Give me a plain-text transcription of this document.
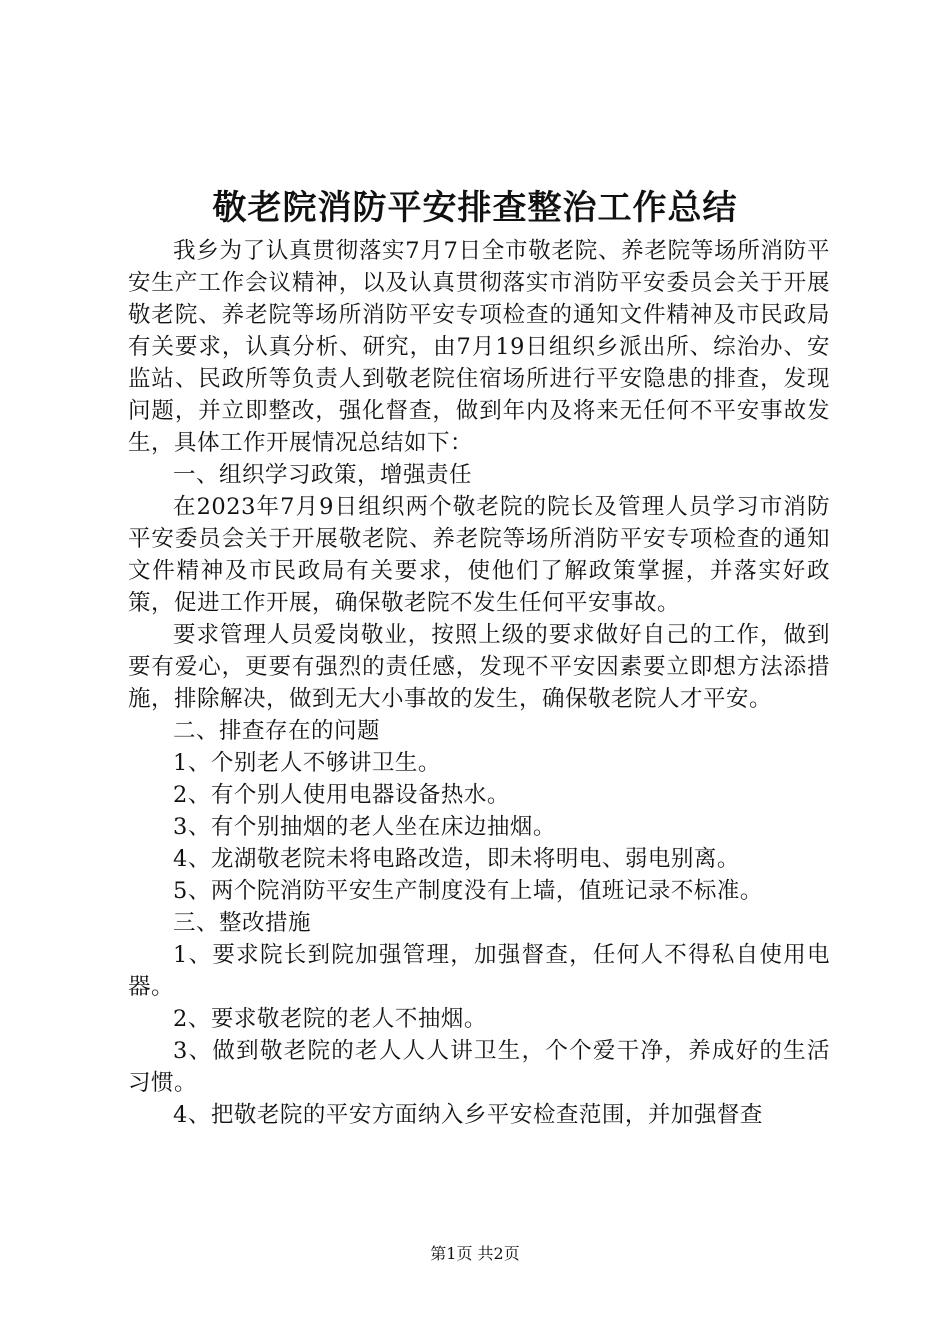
敬老院消防平安排查整治工作总结

我乡为了认真贯彻落实7月7日全市敬老院、养老院等场所消防平安生产工作会议精神，以及认真贯彻落实市消防平安委员会关于开展敬老院、养老院等场所消防平安专项检查的通知文件精神及市民政局有关要求，认真分析、研究，由7月19日组织乡派出所、综治办、安监站、民政所等负责人到敬老院住宿场所进行平安隐患的排查，发现问题，并立即整改，强化督查，做到年内及将来无任何不平安事故发生，具体工作开展情况总结如下：

一、组织学习政策，增强责任

在2023年7月9日组织两个敬老院的院长及管理人员学习市消防平安委员会关于开展敬老院、养老院等场所消防平安专项检查的通知文件精神及市民政局有关要求，使他们了解政策掌握，并落实好政策，促进工作开展，确保敬老院不发生任何平安事故。

要求管理人员爱岗敬业，按照上级的要求做好自己的工作，做到要有爱心，更要有强烈的责任感，发现不平安因素要立即想方法添措施，排除解决，做到无大小事故的发生，确保敬老院人才平安。

二、排查存在的问题

1、个别老人不够讲卫生。

2、有个别人使用电器设备热水。

3、有个别抽烟的老人坐在床边抽烟。

4、龙湖敬老院未将电路改造，即未将明电、弱电别离。

5、两个院消防平安生产制度没有上墙，值班记录不标准。

三、整改措施

1、要求院长到院加强管理，加强督查，任何人不得私自使用电器。

2、要求敬老院的老人不抽烟。

3、做到敬老院的老人人人讲卫生，个个爱干净，养成好的生活习惯。

4、把敬老院的平安方面纳入乡平安检查范围，并加强督查

第1页 共2页
